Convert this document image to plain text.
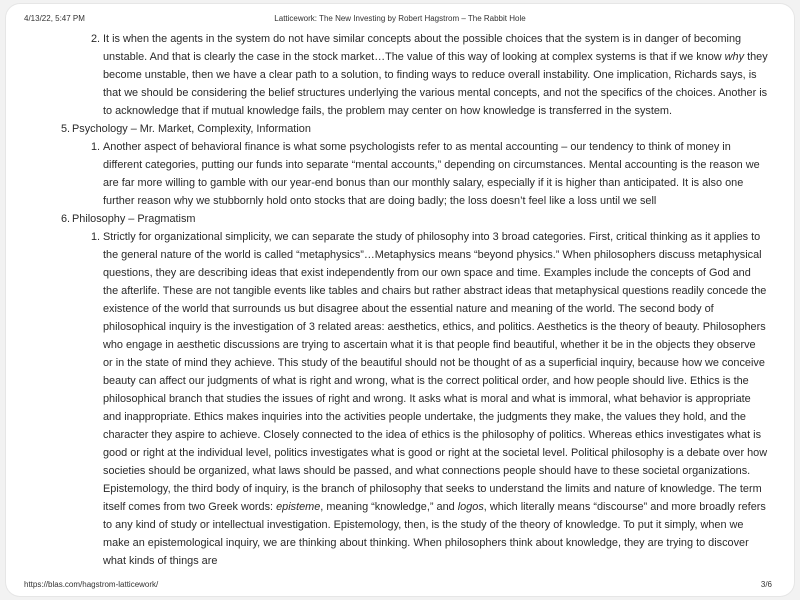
4/13/22, 5:47 PM	Latticework: The New Investing by Robert Hagstrom – The Rabbit Hole
2. It is when the agents in the system do not have similar concepts about the possible choices that the system is in danger of becoming unstable. And that is clearly the case in the stock market…The value of this way of looking at complex systems is that if we know why they become unstable, then we have a clear path to a solution, to finding ways to reduce overall instability. One implication, Richards says, is that we should be considering the belief structures underlying the various mental concepts, and not the specifics of the choices. Another is to acknowledge that if mutual knowledge fails, the problem may center on how knowledge is transferred in the system.

5. Psychology – Mr. Market, Complexity, Information
1. Another aspect of behavioral finance is what some psychologists refer to as mental accounting – our tendency to think of money in different categories, putting our funds into separate “mental accounts,” depending on circumstances. Mental accounting is the reason we are far more willing to gamble with our year-end bonus than our monthly salary, especially if it is higher than anticipated. It is also one further reason why we stubbornly hold onto stocks that are doing badly; the loss doesn’t feel like a loss until we sell

6. Philosophy – Pragmatism
1. Strictly for organizational simplicity, we can separate the study of philosophy into 3 broad categories. First, critical thinking as it applies to the general nature of the world is called “metaphysics”…Metaphysics means “beyond physics.” When philosophers discuss metaphysical questions, they are describing ideas that exist independently from our own space and time. Examples include the concepts of God and the afterlife. These are not tangible events like tables and chairs but rather abstract ideas that metaphysical questions readily concede the existence of the world that surrounds us but disagree about the essential nature and meaning of the world. The second body of philosophical inquiry is the investigation of 3 related areas: aesthetics, ethics, and politics. Aesthetics is the theory of beauty. Philosophers who engage in aesthetic discussions are trying to ascertain what it is that people find beautiful, whether it be in the objects they observe or in the state of mind they achieve. This study of the beautiful should not be thought of as a superficial inquiry, because how we conceive beauty can affect our judgments of what is right and wrong, what is the correct political order, and how people should live. Ethics is the philosophical branch that studies the issues of right and wrong. It asks what is moral and what is immoral, what behavior is appropriate and inappropriate. Ethics makes inquiries into the activities people undertake, the judgments they make, the values they hold, and the character they aspire to achieve. Closely connected to the idea of ethics is the philosophy of politics. Whereas ethics investigates what is good or right at the individual level, politics investigates what is good or right at the societal level. Political philosophy is a debate over how societies should be organized, what laws should be passed, and what connections people should have to these societal organizations. Epistemology, the third body of inquiry, is the branch of philosophy that seeks to understand the limits and nature of knowledge. The term itself comes from two Greek words: episteme, meaning “knowledge,” and logos, which literally means “discourse” and more broadly refers to any kind of study or intellectual investigation. Epistemology, then, is the study of the theory of knowledge. To put it simply, when we make an epistemological inquiry, we are thinking about thinking. When philosophers think about knowledge, they are trying to discover what kinds of things are

https://blas.com/hagstrom-latticework/	3/6
